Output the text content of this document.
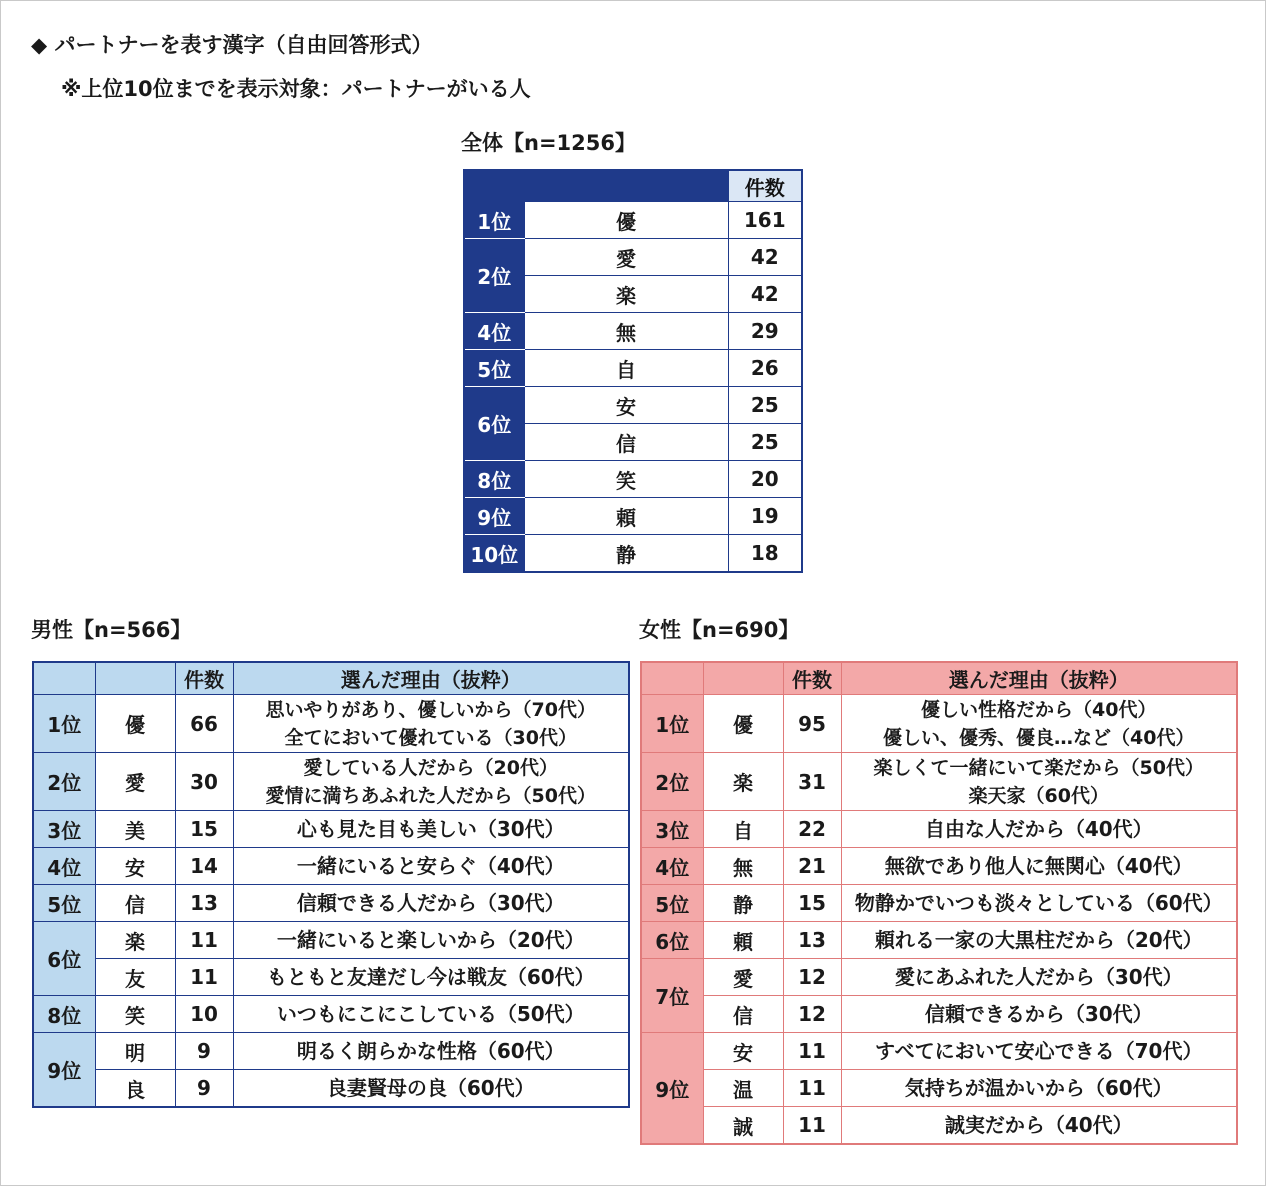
◆ パートナーを表す漢字（自由回答形式）
※上位10位までを表示対象：パートナーがいる人
全体【n=1256】
		件数
1位	優	161
2位	愛	42
	楽	42
4位	無	29
5位	自	26
6位	安	25
	信	25
8位	笑	20
9位	頼	19
10位	静	18
男性【n=566】
		件数	選んだ理由（抜粋）
1位	優	66	思いやりがあり、優しいから（70代）
全てにおいて優れている（30代）

2位	愛	30	愛している人だから（20代）
愛情に満ちあふれた人だから（50代）

3位	美	15	心も見た目も美しい（30代）
4位	安	14	一緒にいると安らぐ（40代）
5位	信	13	信頼できる人だから（30代）
6位	楽	11	一緒にいると楽しいから（20代）
	友	11	もともと友達だし今は戦友（60代）
8位	笑	10	いつもにこにこしている（50代）
9位	明	9	明るく朗らかな性格（60代）
	良	9	良妻賢母の良（60代）
女性【n=690】
		件数	選んだ理由（抜粋）
1位	優	95	優しい性格だから（40代）
優しい、優秀、優良…など（40代）

2位	楽	31	楽しくて一緒にいて楽だから（50代）
楽天家（60代）

3位	自	22	自由な人だから（40代）
4位	無	21	無欲であり他人に無関心（40代）
5位	静	15	物静かでいつも淡々としている（60代）
6位	頼	13	頼れる一家の大黒柱だから（20代）
7位	愛	12	愛にあふれた人だから（30代）
	信	12	信頼できるから（30代）
9位	安	11	すべてにおいて安心できる（70代）
	温	11	気持ちが温かいから（60代）
	誠	11	誠実だから（40代）
